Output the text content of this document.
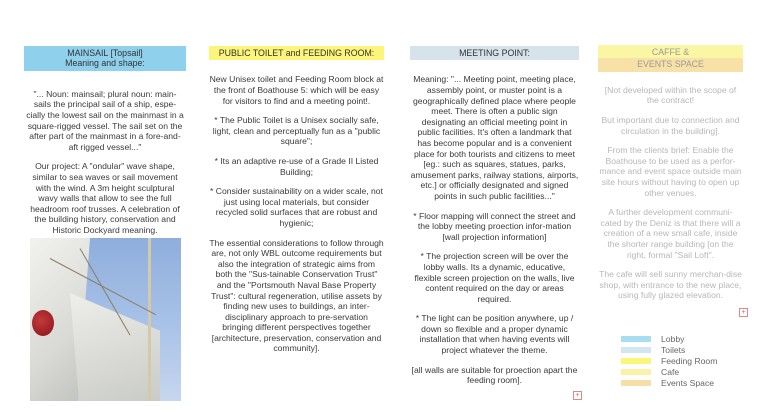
MAINSAIL [Topsail]
Meaning and shape:

"... Noun: mainsail; plural noun: main-sails the principal sail of a ship, espe-cially the lowest sail on the mainmast in a square-rigged vessel. The sail set on the after part of the mainmast in a fore-and-aft rigged vessel..."

Our project: A "ondular" wave shape, similar to sea waves or sail movement with the wind. A 3m height sculptural wavy walls that allow to see the full headroom roof trusses. A celebration of the building history, conservation and Historic Dockyard meaning.

PUBLIC TOILET and FEEDING ROOM:

New Unisex toilet and Feeding Room block at the front of Boathouse 5: which will be easy for visitors to find and a meeting point!.

* The Public Toilet is a Unisex socially safe, light, clean and perceptually fun as a "public square";

* Its an adaptive re-use of a Grade II Listed Building;

* Consider sustainability on a wider scale, not just using local materials, but consider recycled solid surfaces that are robust and hygienic;

The essential considerations to follow through are, not only WBL outcome requirements but also the integration of strategic aims from both the "Sus-tainable Conservation Trust" and the "Portsmouth Naval Base Property Trust": cultural regeneration, utilise assets by finding new uses to buildings, an inter-disciplinary approach to pre-servation bringing different perspectives together [architecture, preservation, conservation and community].

MEETING POINT:

Meaning: "... Meeting point, meeting place, assembly point, or muster point is a geographically defined place where people meet. There is often a public sign designating an official meeting point in public facilities. It's often a landmark that has become popular and is a convenient place for both tourists and citizens to meet [eg.: such as squares, statues, parks, amusement parks, railway stations, airports, etc.] or officially designated and signed points in such public facilities..."

* Floor mapping will connect the street and the lobby meeting proection infor-mation [wall projection information]

* The projection screen will be over the lobby walls. Its a dynamic, educative, flexible screen projection on the walls, live content required on the day or areas required.

* The light can be position anywhere, up / down so flexible and a proper dynamic installation that when having events will project whatever the theme.

[all walls are suitable for proection apart the feeding room].

+
CAFFE &
EVENTS SPACE

[Not developed within the scope of the contract!

But important due to connection and circulation in the building].

From the clients brief: Enable the Boathouse to be used as a perfor-mance and event space outside main site hours without having to open up other venues.

A further development communi-cated by the Deniz is that there will a creation of a new small cafe, inside the shorter range building [on the right, formal "Sail Loft".

The cafe will sell sunny merchan-dise shop, with entrance to the new place, using fully glazed elevation.

+
Lobby
Toilets
Feeding Room
Cafe
Events Space
